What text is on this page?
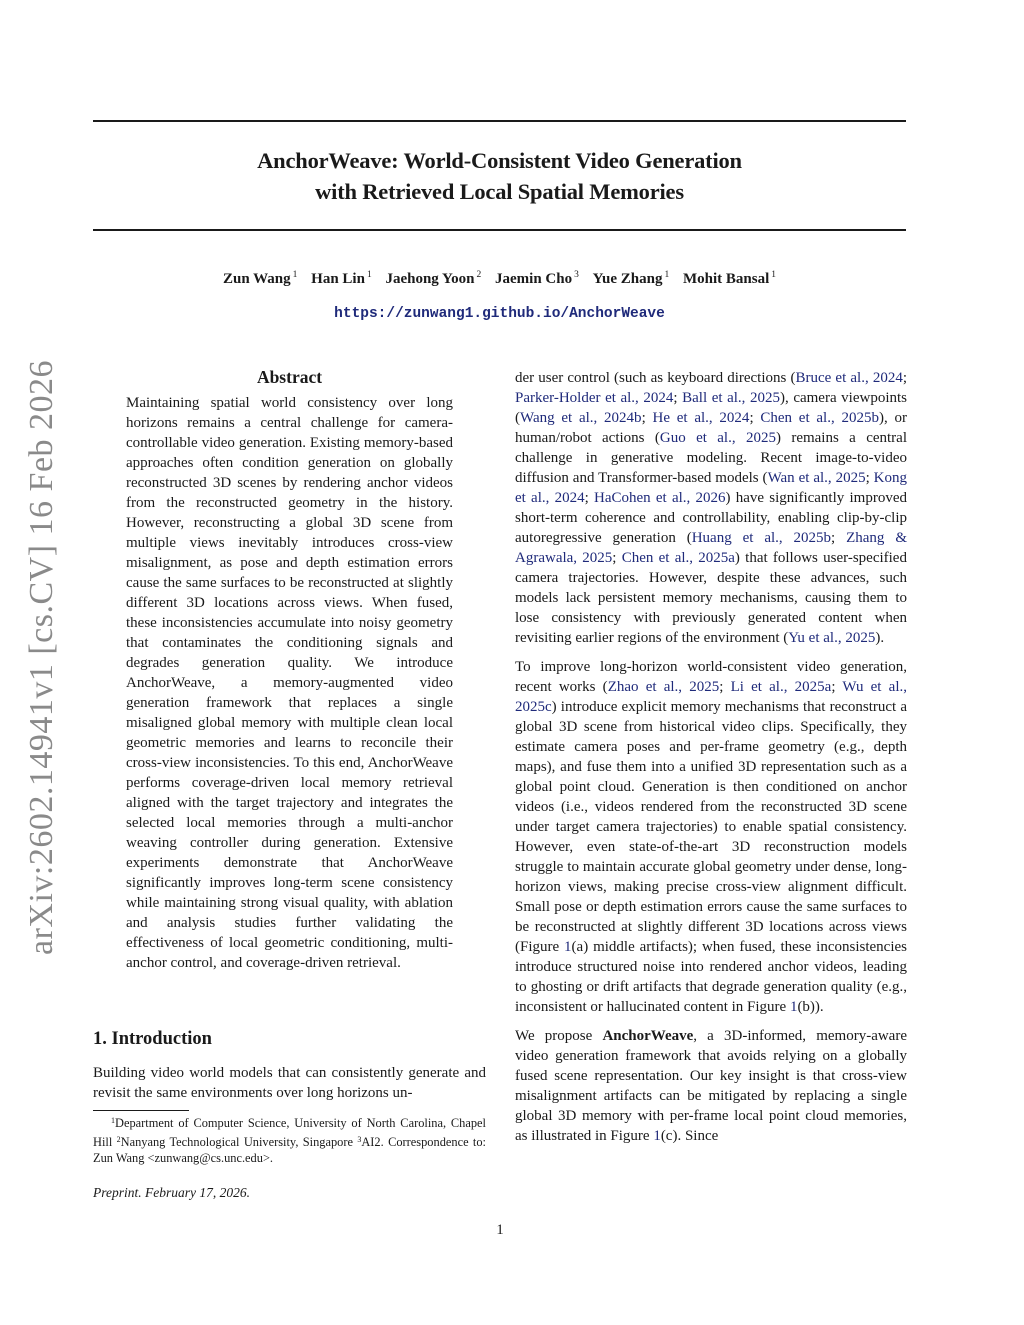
arXiv:2602.14941v1 [cs.CV] 16 Feb 2026
AnchorWeave: World-Consistent Video Generation
with Retrieved Local Spatial Memories
Zun Wang $^1$ Han Lin $^1$ Jaehong Yoon $^2$ Jaemin Cho $^3$ Yue Zhang $^1$ Mohit Bansal $^1$
https://zunwang1.github.io/AnchorWeave
Abstract
Maintaining spatial world consistency over long horizons remains a central challenge for camera-controllable video generation. Existing memory-based approaches often condition generation on globally reconstructed 3D scenes by rendering anchor videos from the reconstructed geometry in the history. However, reconstructing a global 3D scene from multiple views inevitably introduces cross-view misalignment, as pose and depth estimation errors cause the same surfaces to be reconstructed at slightly different 3D locations across views. When fused, these inconsistencies accumulate into noisy geometry that contaminates the conditioning signals and degrades generation quality. We introduce AnchorWeave, a memory-augmented video generation framework that replaces a single misaligned global memory with multiple clean local geometric memories and learns to reconcile their cross-view inconsistencies. To this end, AnchorWeave performs coverage-driven local memory retrieval aligned with the target trajectory and integrates the selected local memories through a multi-anchor weaving controller during generation. Extensive experiments demonstrate that AnchorWeave significantly improves long-term scene consistency while maintaining strong visual quality, with ablation and analysis studies further validating the effectiveness of local geometric conditioning, multi-anchor control, and coverage-driven retrieval.
1. Introduction
Building video world models that can consistently generate and revisit the same environments over long horizons un-
$^1$Department of Computer Science, University of North Carolina, Chapel Hill $^2$Nanyang Technological University, Singapore $^3$AI2. Correspondence to: Zun Wang <zunwang@cs.unc.edu>.
Preprint. February 17, 2026.

der user control (such as keyboard directions (Bruce et al., 2024; Parker-Holder et al., 2024; Ball et al., 2025), camera viewpoints (Wang et al., 2024b; He et al., 2024; Chen et al., 2025b), or human/robot actions (Guo et al., 2025) remains a central challenge in generative modeling. Recent image-to-video diffusion and Transformer-based models (Wan et al., 2025; Kong et al., 2024; HaCohen et al., 2026) have significantly improved short-term coherence and controllability, enabling clip-by-clip autoregressive generation (Huang et al., 2025b; Zhang & Agrawala, 2025; Chen et al., 2025a) that follows user-specified camera trajectories. However, despite these advances, such models lack persistent memory mechanisms, causing them to lose consistency with previously generated content when revisiting earlier regions of the environment (Yu et al., 2025).

To improve long-horizon world-consistent video generation, recent works (Zhao et al., 2025; Li et al., 2025a; Wu et al., 2025c) introduce explicit memory mechanisms that reconstruct a global 3D scene from historical video clips. Specifically, they estimate camera poses and per-frame geometry (e.g., depth maps), and fuse them into a unified 3D representation such as a global point cloud. Generation is then conditioned on anchor videos (i.e., videos rendered from the reconstructed 3D scene under target camera trajectories) to enable spatial consistency. However, even state-of-the-art 3D reconstruction models struggle to maintain accurate global geometry under dense, long-horizon views, making precise cross-view alignment difficult. Small pose or depth estimation errors cause the same surfaces to be reconstructed at slightly different 3D locations across views (Figure 1(a) middle artifacts); when fused, these inconsistencies introduce structured noise into rendered anchor videos, leading to ghosting or drift artifacts that degrade generation quality (e.g., inconsistent or hallucinated content in Figure 1(b)).

We propose AnchorWeave, a 3D-informed, memory-aware video generation framework that avoids relying on a globally fused scene representation. Our key insight is that cross-view misalignment artifacts can be mitigated by replacing a single global 3D memory with per-frame local point cloud memories, as illustrated in Figure 1(c). Since

1
